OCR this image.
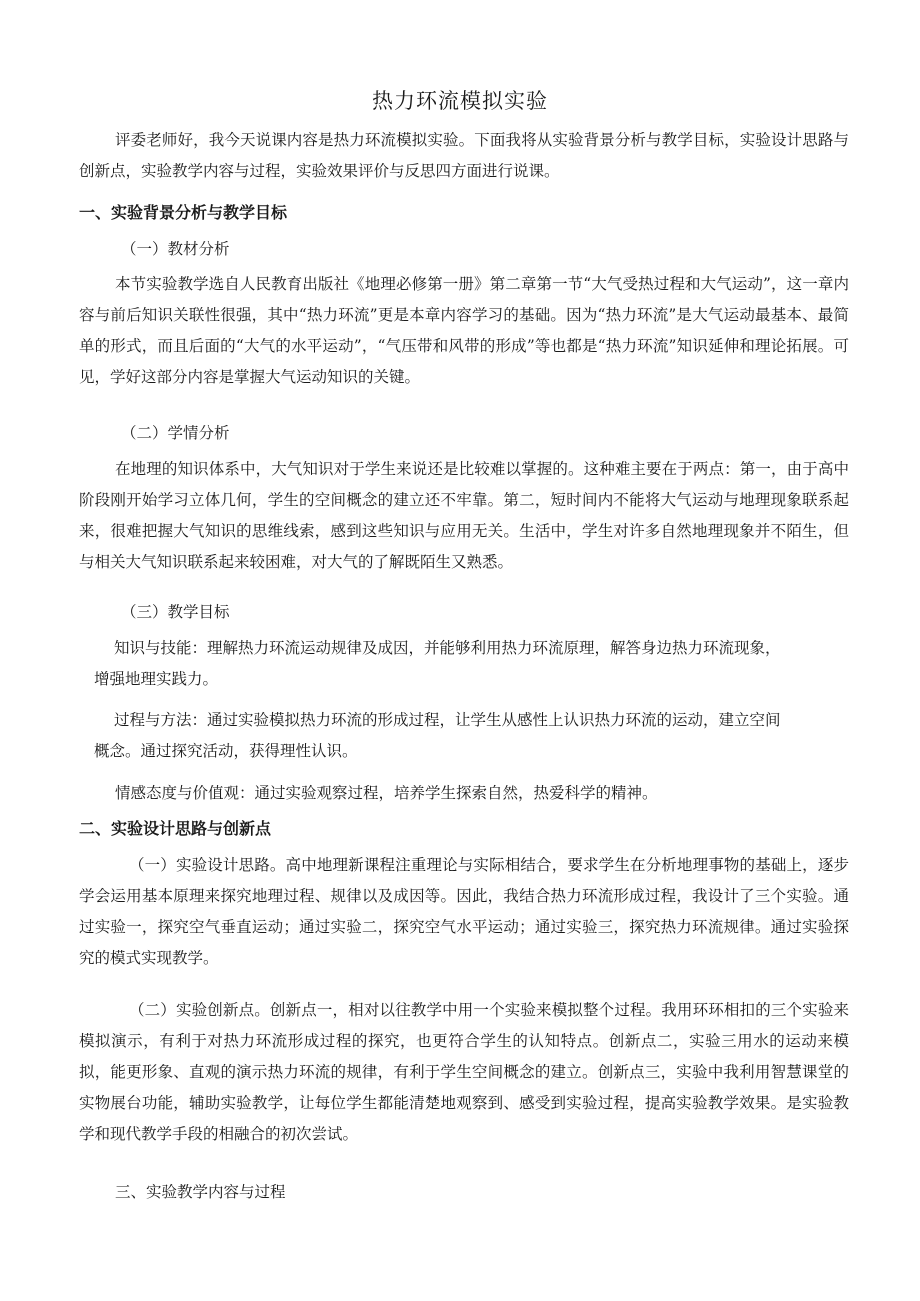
热力环流模拟实验
评委老师好，我今天说课内容是热力环流模拟实验。下面我将从实验背景分析与教学目标，实验设计思路与创新点，实验教学内容与过程，实验效果评价与反思四方面进行说课。
一、实验背景分析与教学目标
（一）教材分析
本节实验教学选自人民教育出版社《地理必修第一册》第二章第一节“大气受热过程和大气运动”，这一章内容与前后知识关联性很强，其中“热力环流”更是本章内容学习的基础。因为“热力环流”是大气运动最基本、最简单的形式，而且后面的“大气的水平运动”，“气压带和风带的形成”等也都是“热力环流”知识延伸和理论拓展。可见，学好这部分内容是掌握大气运动知识的关键。
（二）学情分析
在地理的知识体系中，大气知识对于学生来说还是比较难以掌握的。这种难主要在于两点：第一，由于高中阶段刚开始学习立体几何，学生的空间概念的建立还不牢靠。第二，短时间内不能将大气运动与地理现象联系起来，很难把握大气知识的思维线索，感到这些知识与应用无关。生活中，学生对许多自然地理现象并不陌生，但与相关大气知识联系起来较困难，对大气的了解既陌生又熟悉。
（三）教学目标
知识与技能：理解热力环流运动规律及成因，并能够利用热力环流原理，解答身边热力环流现象，
增强地理实践力。
过程与方法：通过实验模拟热力环流的形成过程，让学生从感性上认识热力环流的运动，建立空间
概念。通过探究活动，获得理性认识。
情感态度与价值观：通过实验观察过程，培养学生探索自然，热爱科学的精神。
二、实验设计思路与创新点
（一）实验设计思路。高中地理新课程注重理论与实际相结合，要求学生在分析地理事物的基础上，逐步学会运用基本原理来探究地理过程、规律以及成因等。因此，我结合热力环流形成过程，我设计了三个实验。通过实验一，探究空气垂直运动；通过实验二，探究空气水平运动；通过实验三，探究热力环流规律。通过实验探究的模式实现教学。
（二）实验创新点。创新点一，相对以往教学中用一个实验来模拟整个过程。我用环环相扣的三个实验来模拟演示，有利于对热力环流形成过程的探究，也更符合学生的认知特点。创新点二，实验三用水的运动来模拟，能更形象、直观的演示热力环流的规律，有利于学生空间概念的建立。创新点三，实验中我利用智慧课堂的实物展台功能，辅助实验教学，让每位学生都能清楚地观察到、感受到实验过程，提高实验教学效果。是实验教学和现代教学手段的相融合的初次尝试。
三、实验教学内容与过程
